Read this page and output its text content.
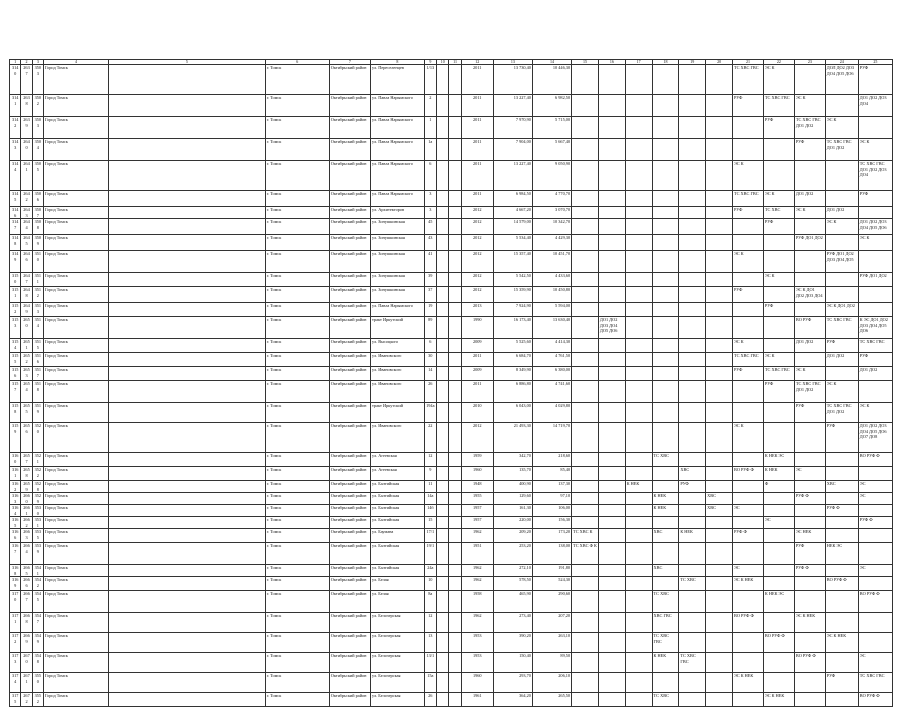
1	2	3	4	5	6	7	8	9	10	11	12	13	14	15	16	17	18	19	20	21	22	23	24	25
3140	2637	3503	Город Томск		г. Томск	Октябрьский район	ул. Переселенцев	1/13			2011	13 730,40	10 446,30							ТС ХВС ГВС	ЭС К		ДОЛ ДО2 ДО3 ДО4 ДО5 ДО6	РУФ
3141	2638	3502	Город Томск		г. Томск	Октябрьский район	ул. Павла Нарымского	2			2011	13 227,40	6 982,50							РУФ	ТС ХВС ГВС	ЭС К		ДО1 ДО2 ДО3 ДО4
3142	2639	3503	Город Томск		г. Томск	Октябрьский район	ул. Павла Нарымского	1			2011	7 970,90	5 715,00								РУФ	ТС ХВС ГВС ДО1 ДО2	ЭС К	
3143	2640	3504	Город Томск		г. Томск	Октябрьский район	ул. Павла Нарымского	1а			2011	7 904,00	5 667,40									РУФ	ТС ХВС ГВС ДО1 ДО2	ЭС К
3144	2641	3505	Город Томск		г. Томск	Октябрьский район	ул. Павла Нарымского	6			2011	13 227,40	9 050,90							ЭС К				ТС ХВС ГВС ДО1 ДО2 ДО3 ДО4
3145	2642	3506	Город Томск		г. Томск	Октябрьский район	ул. Павла Нарымского	3			2011	6 984,50	4 770,70							ТС ХВС ГВС	ЭС К	ДО1 ДО2		РУФ
3146	2643	3507	Город Томск		г. Томск	Октябрьский район	ул. Архитекторов	3			2012	4 667,20	3 070,70							РУФ	ТС ХВС	ЭС К	ДО1 ДО2	
3147	2644	3508	Город Томск		г. Томск	Октябрьский район	ул. Зонушкинская	45			2012	14 579,00	10 342,70								РУФ		ЭС К	ДО1 ДО2 ДО3 ДО4 ДО5 ДО6
3148	2645	3509	Город Томск		г. Томск	Октябрьский район	ул. Зонушкинская	43			2012	5 534,40	4 429,30									РУФ ДО1 ДО2		ЭС К
3149	2646	3510	Город Томск		г. Томск	Октябрьский район	ул. Зонушкинская	41			2012	15 357,40	10 451,70							ЭС К			РУФ ДО1 ДО2 ДО3 ДО4 ДО5	
3150	2647	3511	Город Томск		г. Томск	Октябрьский район	ул. Зонушкинская	39			2012	5 542,50	4 433,60								ЭС К			РУФ ДО1 ДО2
3151	2648	3512	Город Томск		г. Томск	Октябрьский район	ул. Зонушкинская	37			2012	15 359,90	10 450,80							РУФ		ЭС К ДО1 ДО2 ДО3 ДО4		
3152	2649	3513	Город Томск		г. Томск	Октябрьский район	ул. Павла Нарымского	19			2013	7 924,90	5 594,00								РУФ		ЭС К ДО1 ДО2	
3153	2650	3514	Город Томск		г. Томск	Октябрьский район	тракт Иркутский	89			1990	16 173,40	13 630,40		ДО1 ДО2 ДО3 ДО4 ДО5 ДО6							ВО РУФ	ТС ХВС ГВС	К ЭС ДО1 ДО2 ДО3 ДО4 ДО5 ДО6
3154	2651	3515	Город Томск		г. Томск	Октябрьский район	ул. Высоцкого	6			2009	5 525,60	4 414,30							ЭС К		ДО1 ДО2	РУФ	ТС ХВС ГВС
3155	2652	3516	Город Томск		г. Томск	Октябрьский район	ул. Ивановского	30			2011	6 684,70	4 761,50							ТС ХВС ГВС	ЭС К		ДО1 ДО2	РУФ
3156	2653	3517	Город Томск		г. Томск	Октябрьский район	ул. Ивановского	14			2009	8 349,90	6 380,00							РУФ	ТС ХВС ГВС	ЭС К		ДО1 ДО2
3157	2654	3518	Город Томск		г. Томск	Октябрьский район	ул. Ивановского	26			2011	6 886,80	4 741,60								РУФ	ТС ХВС ГВС ДО1 ДО2	ЭС К	
3158	2655	3519	Город Томск		г. Томск	Октябрьский район	тракт Иркутский	194а			2010	6 043,00	4 029,80									РУФ	ТС ХВС ГВС ДО1 ДО2	ЭС К
3159	2656	3520	Город Томск		г. Томск	Октябрьский район	ул. Ивановского	22			2012	21 493,30	14 719,70							ЭС К			РУФ	ДО1 ДО2 ДО3 ДО4 ДО5 ДО6 ДО7 ДО8
3160	2657	3521	Город Томск		г. Томск	Октябрьский район	ул. Агеевская	12			1959	342,70	218,60				ТС ХВС				К НЕК ЭС			ВО РУФ Ф
3161	2658	3522	Город Томск		г. Томск	Октябрьский район	ул. Агеевская	9			1960	135,70	85,40					ХВС		ВО РУФ Ф	К НЕК	ЭС		
3162	2659	3528	Город Томск		г. Томск	Октябрьский район	ул. Балтийская	11			1948	400,90	137,30			К НЕК		РУФ			Ф		ХВС	ЭС
3163	2660	3529	Город Томск		г. Томск	Октябрьский район	ул. Балтийская	14а			1955	129,60	97,10				К НЕК		ХВС			РУФ Ф		ЭС
3164	2661	3530	Город Томск		г. Томск	Октябрьский район	ул. Балтийская	14б			1957	161,30	106,00				К НЕК		ХВС	ЭС			РУФ Ф	
3165	2662	3531	Город Томск		г. Томск	Октябрьский район	ул. Балтийская	15			1957	220,00	156,30								ЭС			РУФ Ф
3166	2663	3535	Город Томск		г. Томск	Октябрьский район	ул. Баумана	17/1			1962	209,20	173,20	ТС ХВС К			ХВС	К НЕК		РУФ Ф		ЭС НЕК		
3167	2664	3539	Город Томск		г. Томск	Октябрьский район	ул. Балтийская	19/1			1951	253,20	138,00	ТС ХВС Ф К								РУФ	НЕК ЭС	
3168	2665	3541	Город Томск		г. Томск	Октябрьский район	ул. Балтийская	24а			1962	272,10	191,80				ХВС			ЭС		РУФ Ф		ЭС
3169	2666	3542	Город Томск		г. Томск	Октябрьский район	ул. Белая	10			1962	578,50	524,30					ТС ХВС		ЭС К НЕК			ВО РУФ Ф	
3170	2667	3545	Город Томск		г. Томск	Октябрьский район	ул. Белая	8а			1958	465,90	290,60				ТС ХВС				К НЕК ЭС			ВО РУФ Ф
3171	2668	3547	Город Томск		г. Томск	Октябрьский район	ул. Белозерская	12			1962	273,40	207,20				ХВС ГВС			ВО РУФ Ф		ЭС К НЕК		
3172	2669	3549	Город Томск		г. Томск	Октябрьский район	ул. Белозерская	13			1953	390,20	263,10				ТС ХВС ГВС				ВО РУФ Ф		ЭС К НЕК	
3173	2670	3548	Город Томск		г. Томск	Октябрьский район	ул. Белозерская	13/1			1953	150,40	89,50				К НЕК	ТС ХВС ГВС				ВО РУФ Ф		ЭС
3174	2671	3550	Город Томск		г. Томск	Октябрьский район	ул. Белозерская	15а			1960	293,70	206,10							ЭС К НЕК			РУФ	ТС ХВС ГВС
3175	2672	3552	Город Томск		г. Томск	Октябрьский район	ул. Белозерская	26			1961	364,20	265,50				ТС ХВС				ЭС К НЕК			ВО РУФ Ф
